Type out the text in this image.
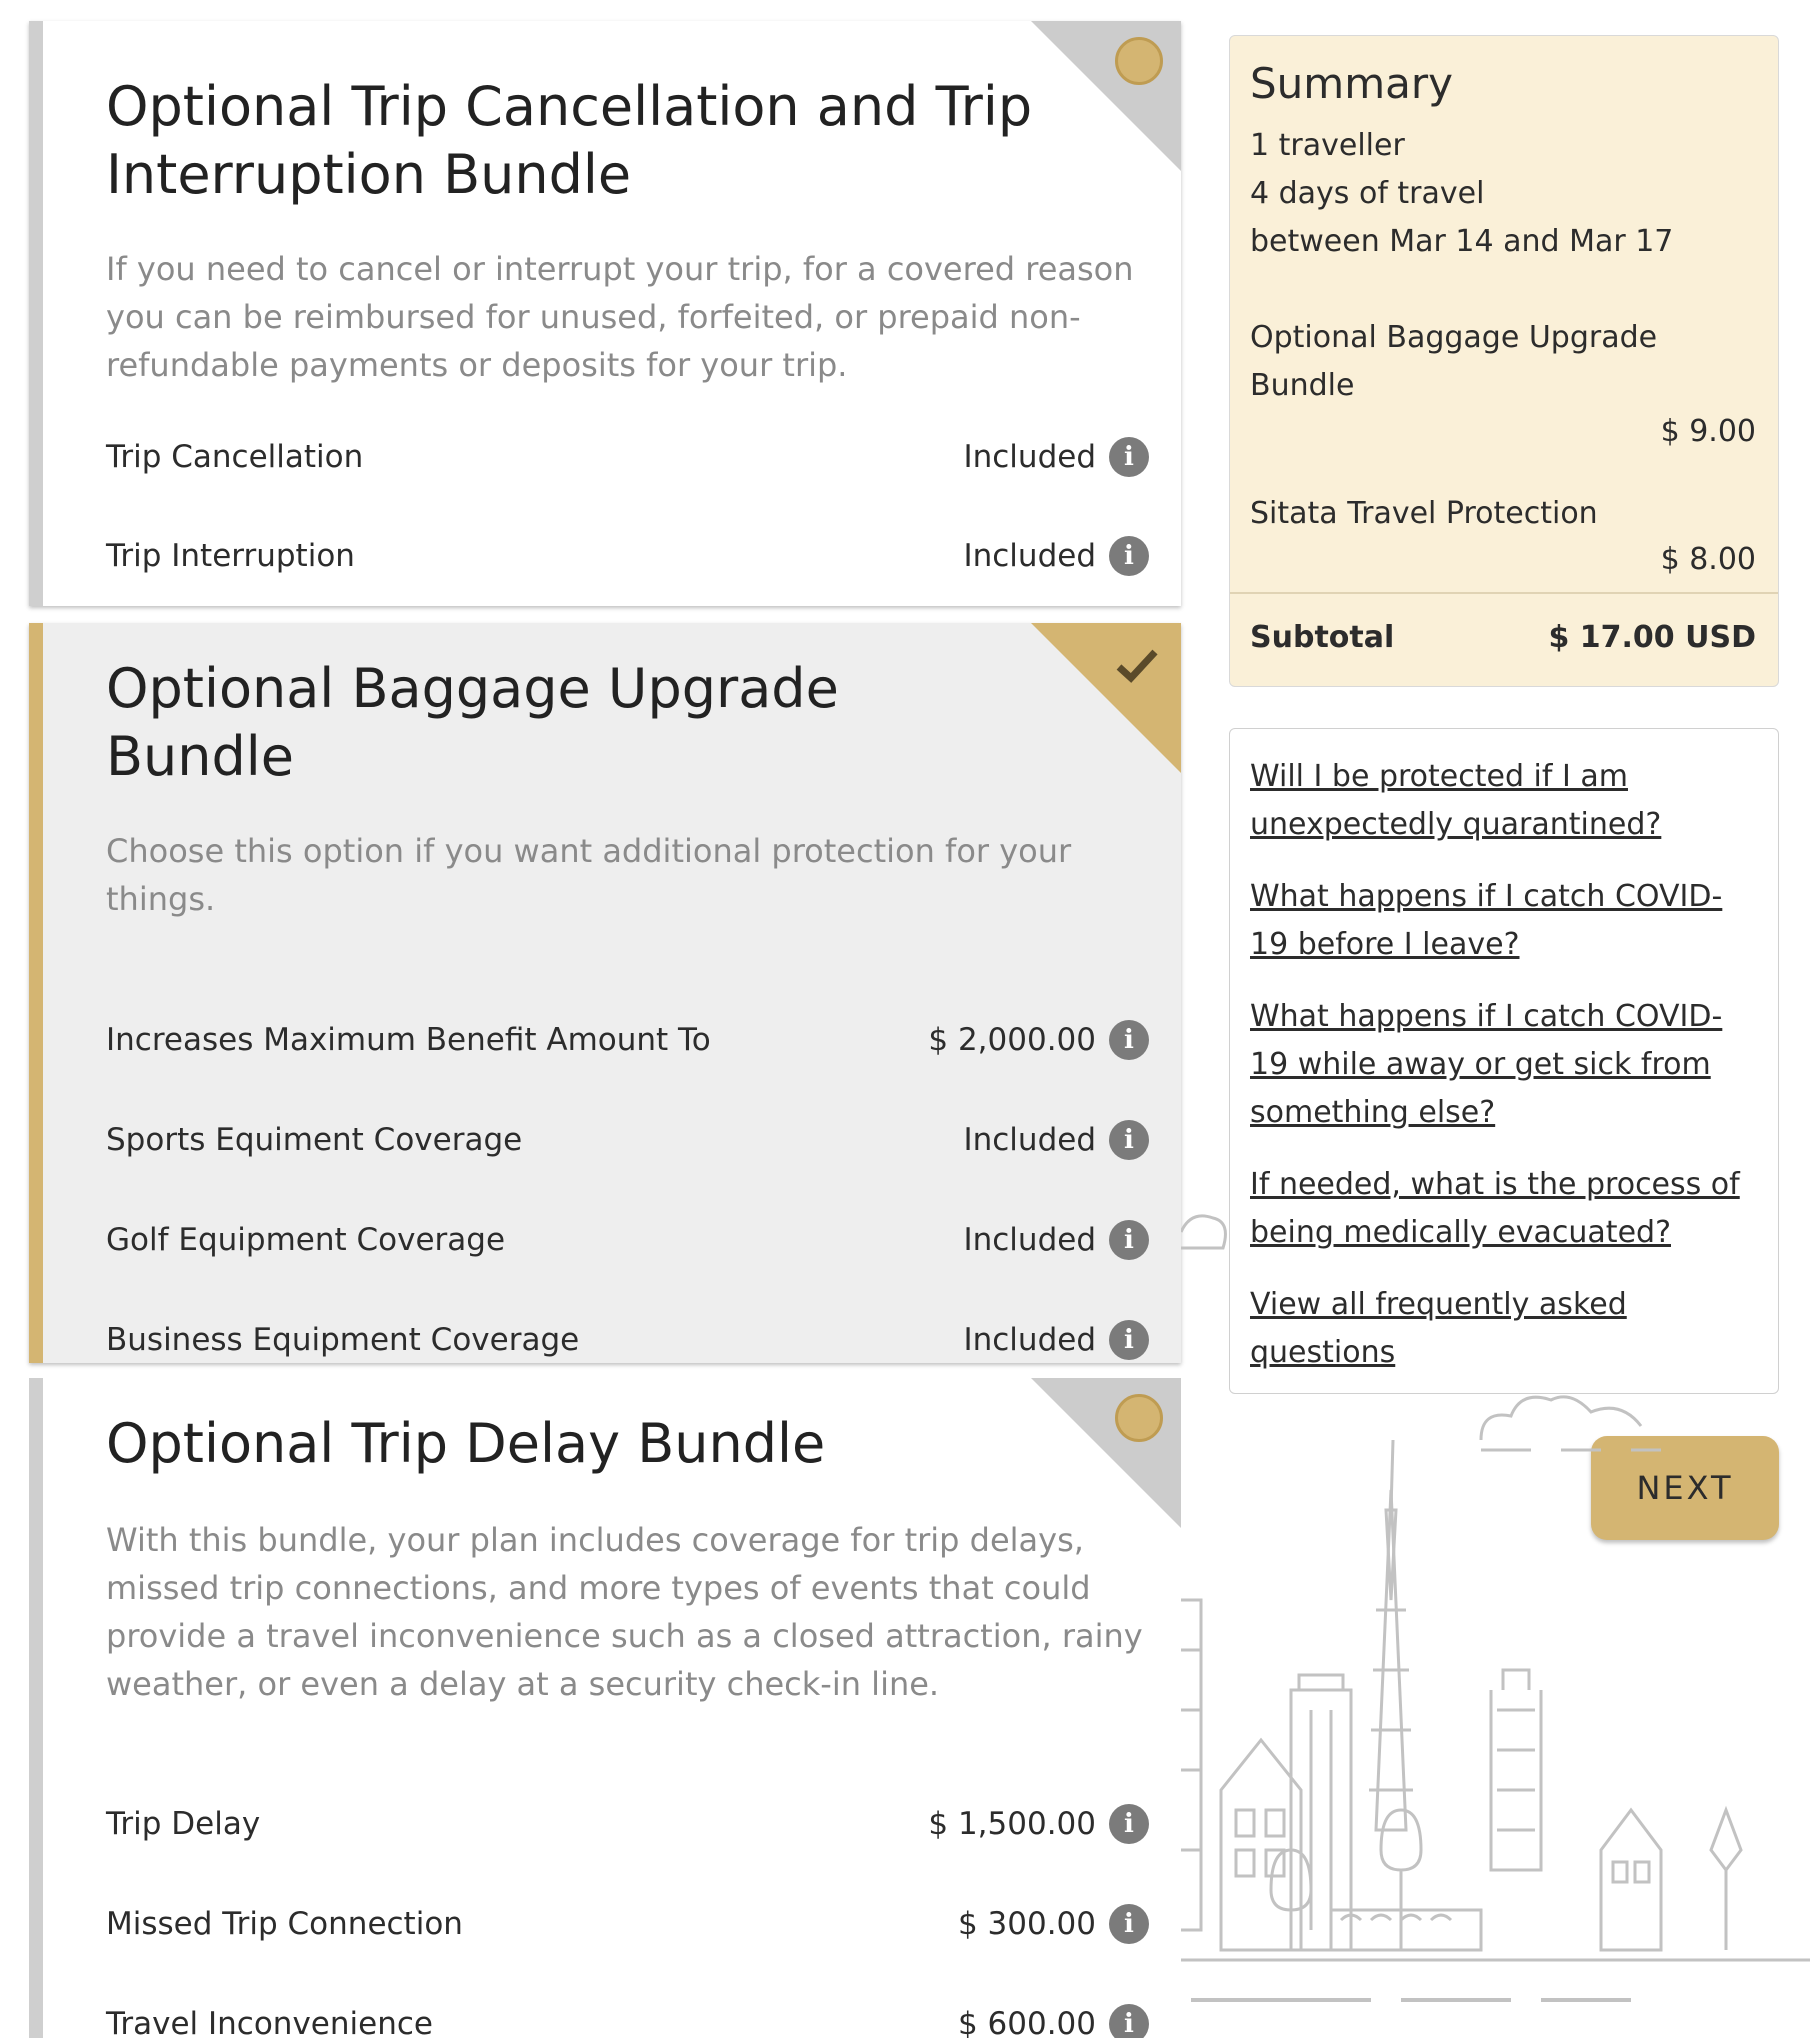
Optional Trip Cancellation and Trip Interruption Bundle

If you need to cancel or interrupt your trip, for a covered reason you can be reimbursed for unused, forfeited, or prepaid non-refundable payments or deposits for your trip.

Trip Cancellation	Included	i
Trip Interruption	Included	i
Optional Baggage Upgrade Bundle

Choose this option if you want additional protection for your things.

Increases Maximum Benefit Amount To	$ 2,000.00	i
Sports Equiment Coverage	Included	i
Golf Equipment Coverage	Included	i
Business Equipment Coverage	Included	i
Optional Trip Delay Bundle

With this bundle, your plan includes coverage for trip delays, missed trip connections, and more types of events that could provide a travel inconvenience such as a closed attraction, rainy weather, or even a delay at a security check-in line.

Trip Delay	$ 1,500.00	i
Missed Trip Connection	$ 300.00	i
Travel Inconvenience	$ 600.00	i
Summary
1 traveller
4 days of travel
between Mar 14 and Mar 17
Optional Baggage Upgrade Bundle
$ 9.00
Sitata Travel Protection
$ 8.00
Subtotal	$ 17.00 USD
Will I be protected if I am unexpectedly quarantined?
What happens if I catch COVID-19 before I leave?
What happens if I catch COVID-19 while away or get sick from something else?
If needed, what is the process of being medically evacuated?
View all frequently asked questions
NEXT
